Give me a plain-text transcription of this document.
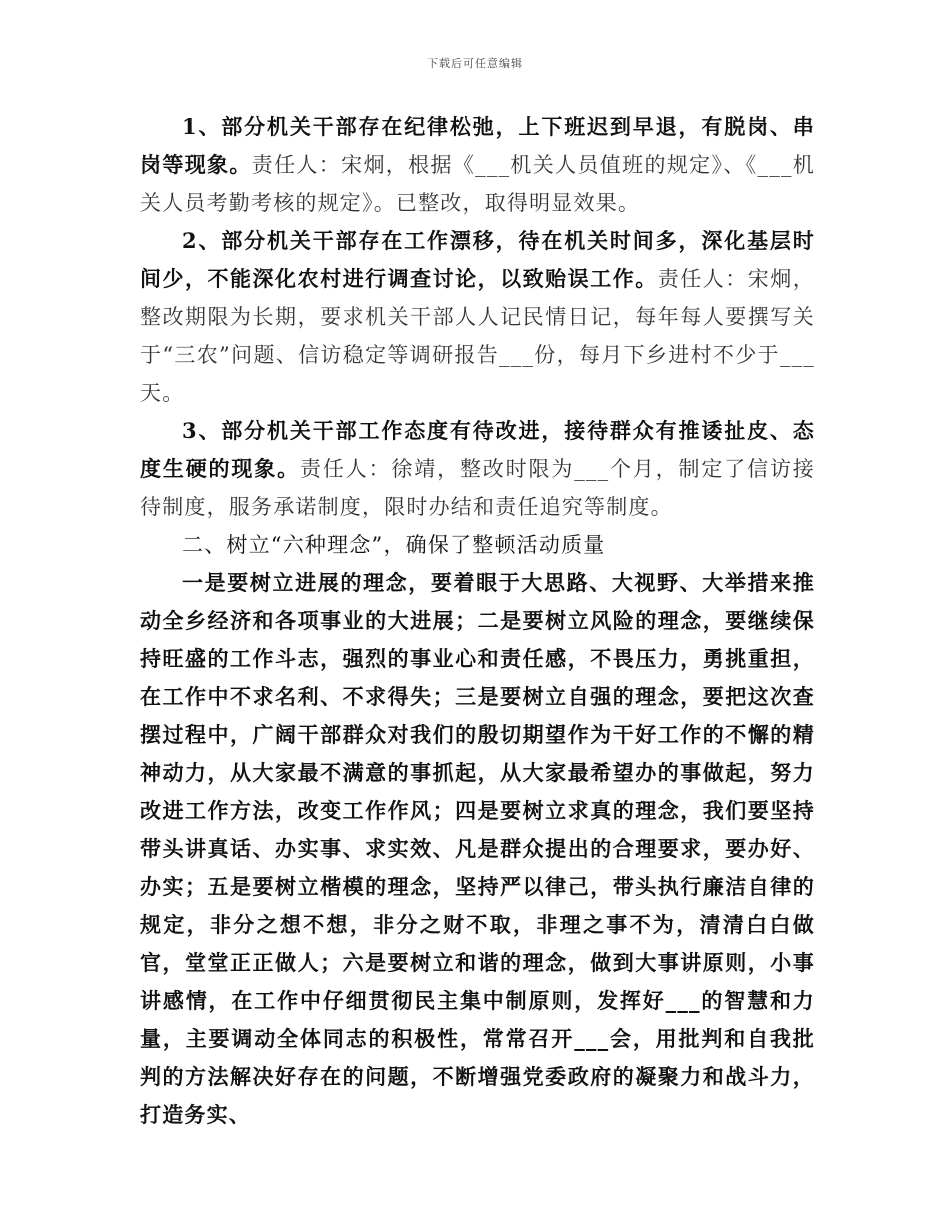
下载后可任意编辑

1、部分机关干部存在纪律松弛，上下班迟到早退，有脱岗、串岗等现象。责任人：宋炯，根据《___机关人员值班的规定》、《___机关人员考勤考核的规定》。已整改，取得明显效果。

2、部分机关干部存在工作漂移，待在机关时间多，深化基层时间少，不能深化农村进行调查讨论，以致贻误工作。责任人：宋炯，整改期限为长期，要求机关干部人人记民情日记，每年每人要撰写关于“三农”问题、信访稳定等调研报告___份，每月下乡进村不少于___天。

3、部分机关干部工作态度有待改进，接待群众有推诿扯皮、态度生硬的现象。责任人：徐靖，整改时限为___个月，制定了信访接待制度，服务承诺制度，限时办结和责任追究等制度。

二、树立“六种理念”，确保了整顿活动质量

一是要树立进展的理念，要着眼于大思路、大视野、大举措来推动全乡经济和各项事业的大进展；二是要树立风险的理念，要继续保持旺盛的工作斗志，强烈的事业心和责任感，不畏压力，勇挑重担，在工作中不求名利、不求得失；三是要树立自强的理念，要把这次查摆过程中，广阔干部群众对我们的殷切期望作为干好工作的不懈的精神动力，从大家最不满意的事抓起，从大家最希望办的事做起，努力改进工作方法，改变工作作风；四是要树立求真的理念，我们要坚持带头讲真话、办实事、求实效、凡是群众提出的合理要求，要办好、办实；五是要树立楷模的理念，坚持严以律己，带头执行廉洁自律的规定，非分之想不想，非分之财不取，非理之事不为，清清白白做官，堂堂正正做人；六是要树立和谐的理念，做到大事讲原则，小事讲感情，在工作中仔细贯彻民主集中制原则，发挥好___的智慧和力量，主要调动全体同志的积极性，常常召开___会，用批判和自我批判的方法解决好存在的问题，不断增强党委政府的凝聚力和战斗力，打造务实、
